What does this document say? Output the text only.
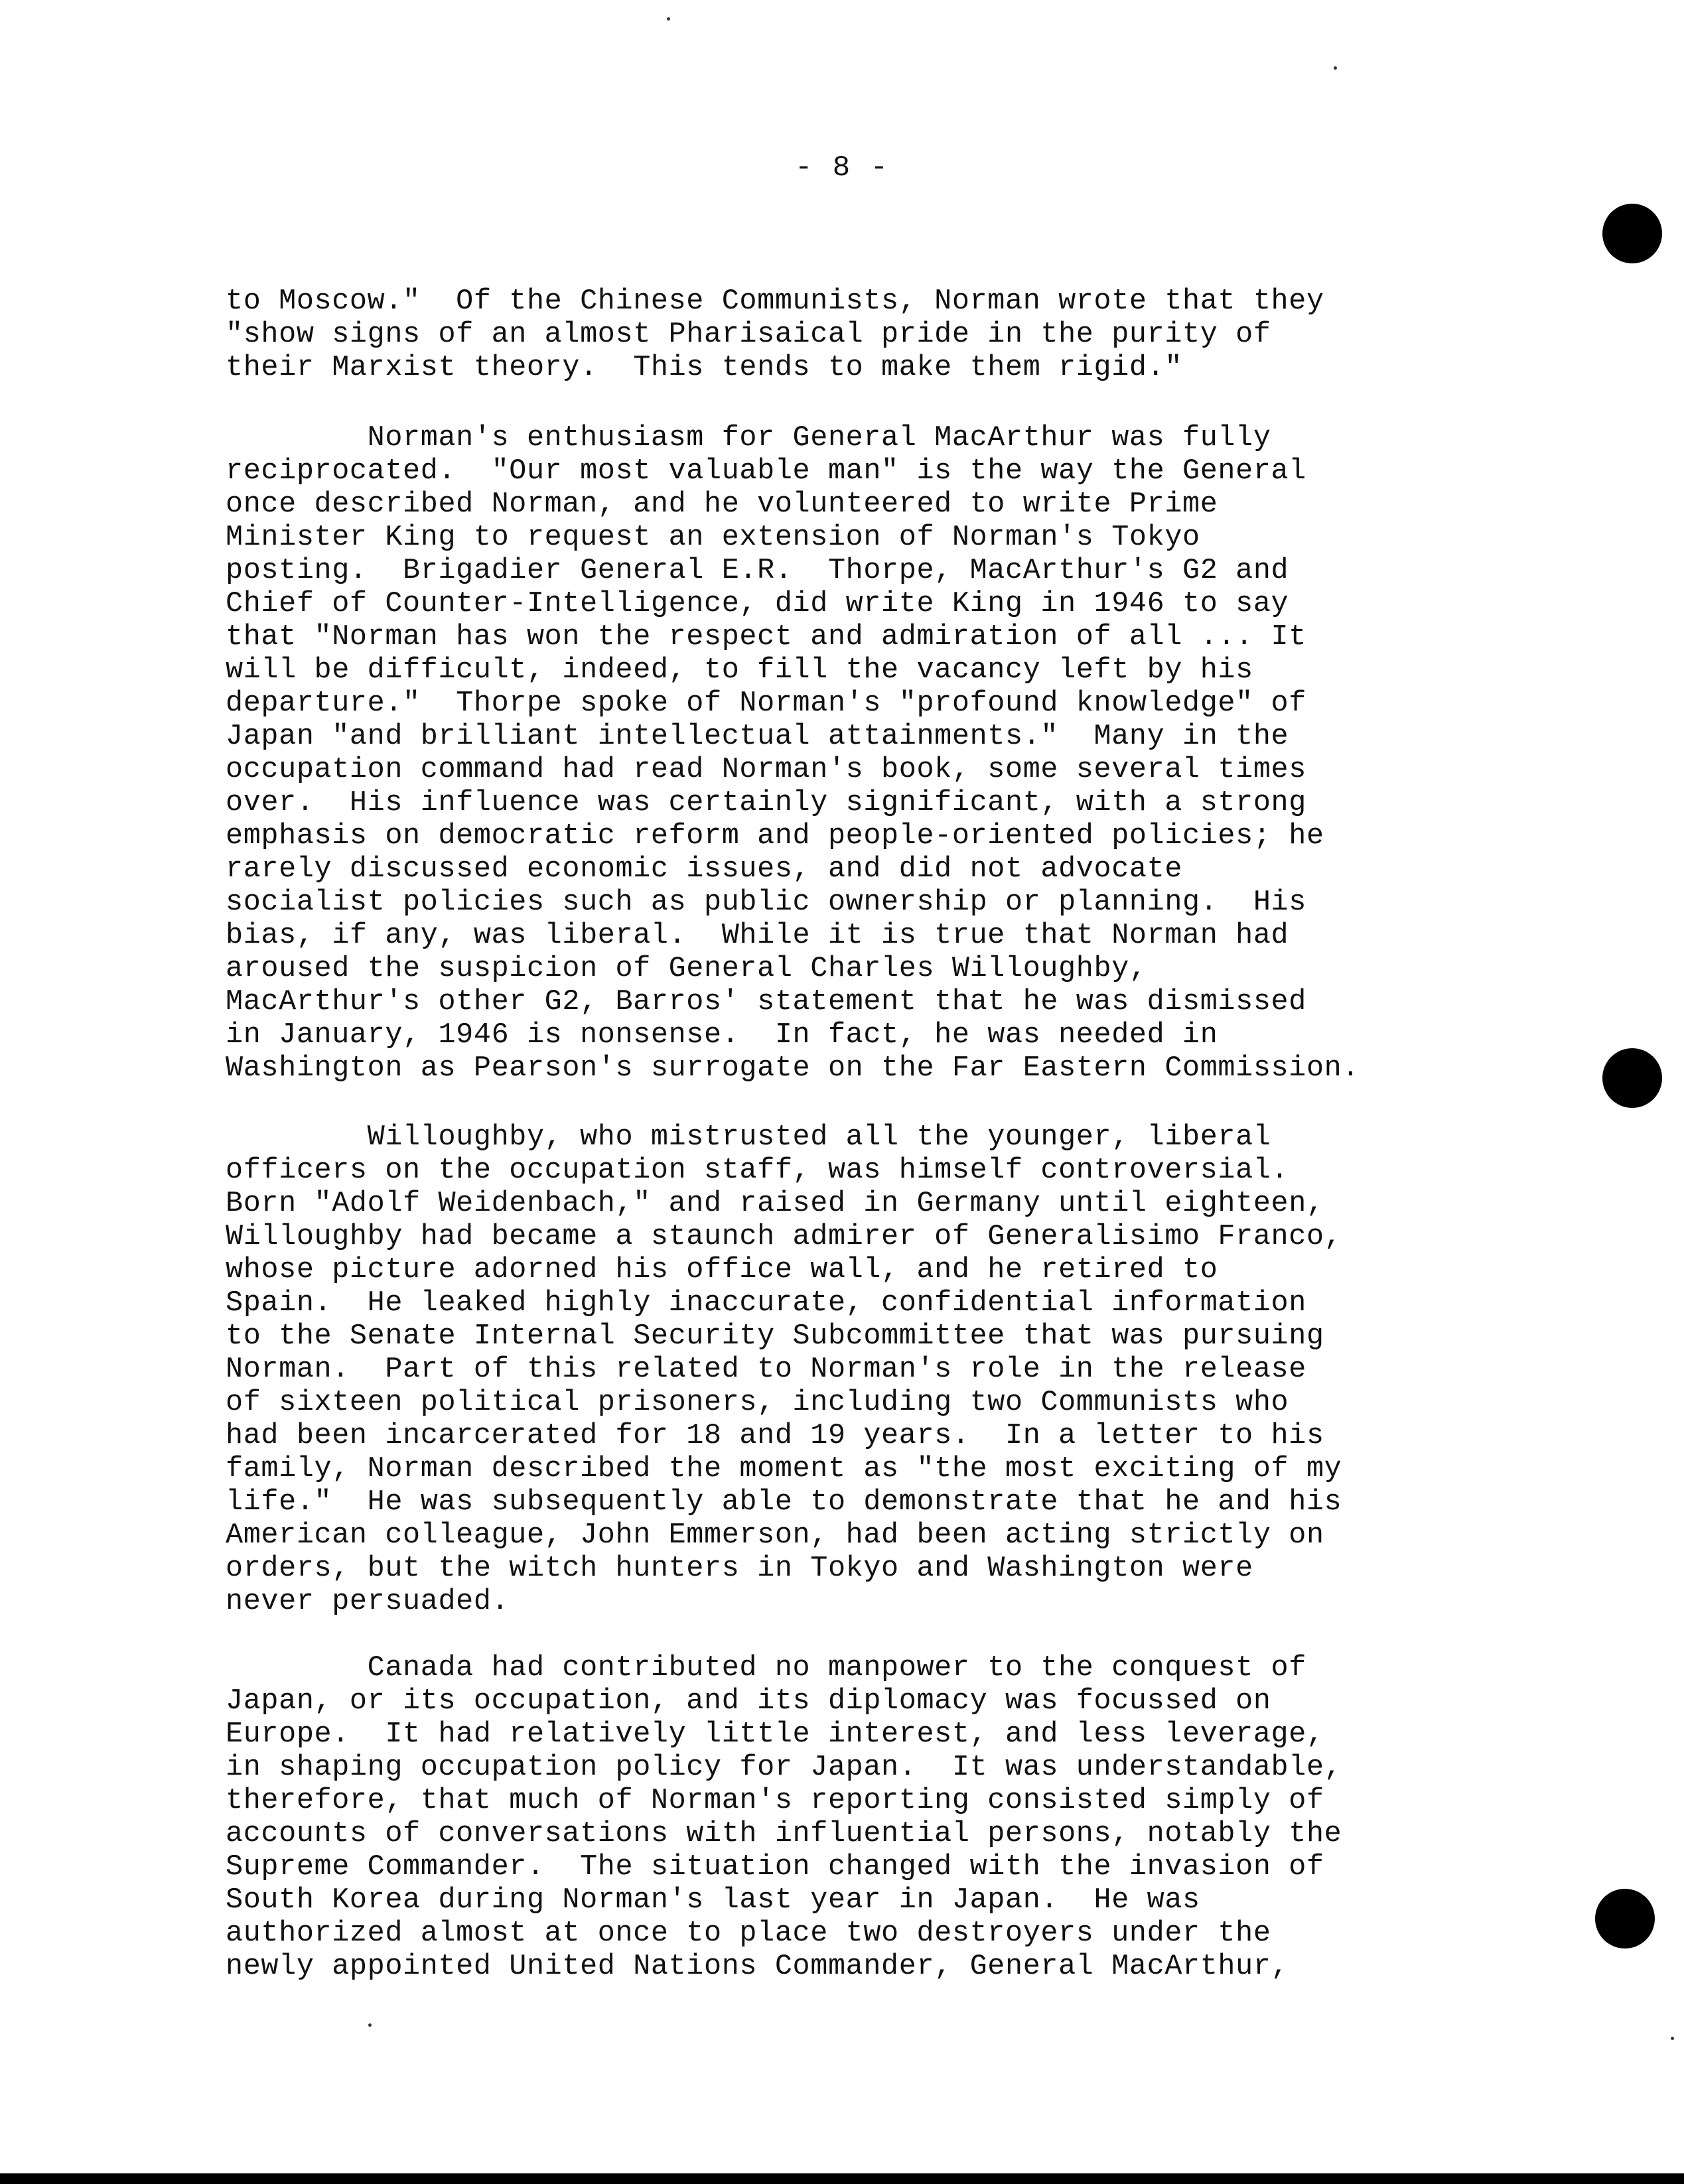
- 8 -

to Moscow."  Of the Chinese Communists, Norman wrote that they
"show signs of an almost Pharisaical pride in the purity of
their Marxist theory.  This tends to make them rigid."

Norman's enthusiasm for General MacArthur was fully
reciprocated.  "Our most valuable man" is the way the General
once described Norman, and he volunteered to write Prime
Minister King to request an extension of Norman's Tokyo
posting.  Brigadier General E.R.  Thorpe, MacArthur's G2 and
Chief of Counter-Intelligence, did write King in 1946 to say
that "Norman has won the respect and admiration of all ... It
will be difficult, indeed, to fill the vacancy left by his
departure."  Thorpe spoke of Norman's "profound knowledge" of
Japan "and brilliant intellectual attainments."  Many in the
occupation command had read Norman's book, some several times
over.  His influence was certainly significant, with a strong
emphasis on democratic reform and people-oriented policies; he
rarely discussed economic issues, and did not advocate
socialist policies such as public ownership or planning.  His
bias, if any, was liberal.  While it is true that Norman had
aroused the suspicion of General Charles Willoughby,
MacArthur's other G2, Barros' statement that he was dismissed
in January, 1946 is nonsense.  In fact, he was needed in
Washington as Pearson's surrogate on the Far Eastern Commission.

Willoughby, who mistrusted all the younger, liberal
officers on the occupation staff, was himself controversial.
Born "Adolf Weidenbach," and raised in Germany until eighteen,
Willoughby had became a staunch admirer of Generalisimo Franco,
whose picture adorned his office wall, and he retired to
Spain.  He leaked highly inaccurate, confidential information
to the Senate Internal Security Subcommittee that was pursuing
Norman.  Part of this related to Norman's role in the release
of sixteen political prisoners, including two Communists who
had been incarcerated for 18 and 19 years.  In a letter to his
family, Norman described the moment as "the most exciting of my
life."  He was subsequently able to demonstrate that he and his
American colleague, John Emmerson, had been acting strictly on
orders, but the witch hunters in Tokyo and Washington were
never persuaded.

Canada had contributed no manpower to the conquest of
Japan, or its occupation, and its diplomacy was focussed on
Europe.  It had relatively little interest, and less leverage,
in shaping occupation policy for Japan.  It was understandable,
therefore, that much of Norman's reporting consisted simply of
accounts of conversations with influential persons, notably the
Supreme Commander.  The situation changed with the invasion of
South Korea during Norman's last year in Japan.  He was
authorized almost at once to place two destroyers under the
newly appointed United Nations Commander, General MacArthur,
